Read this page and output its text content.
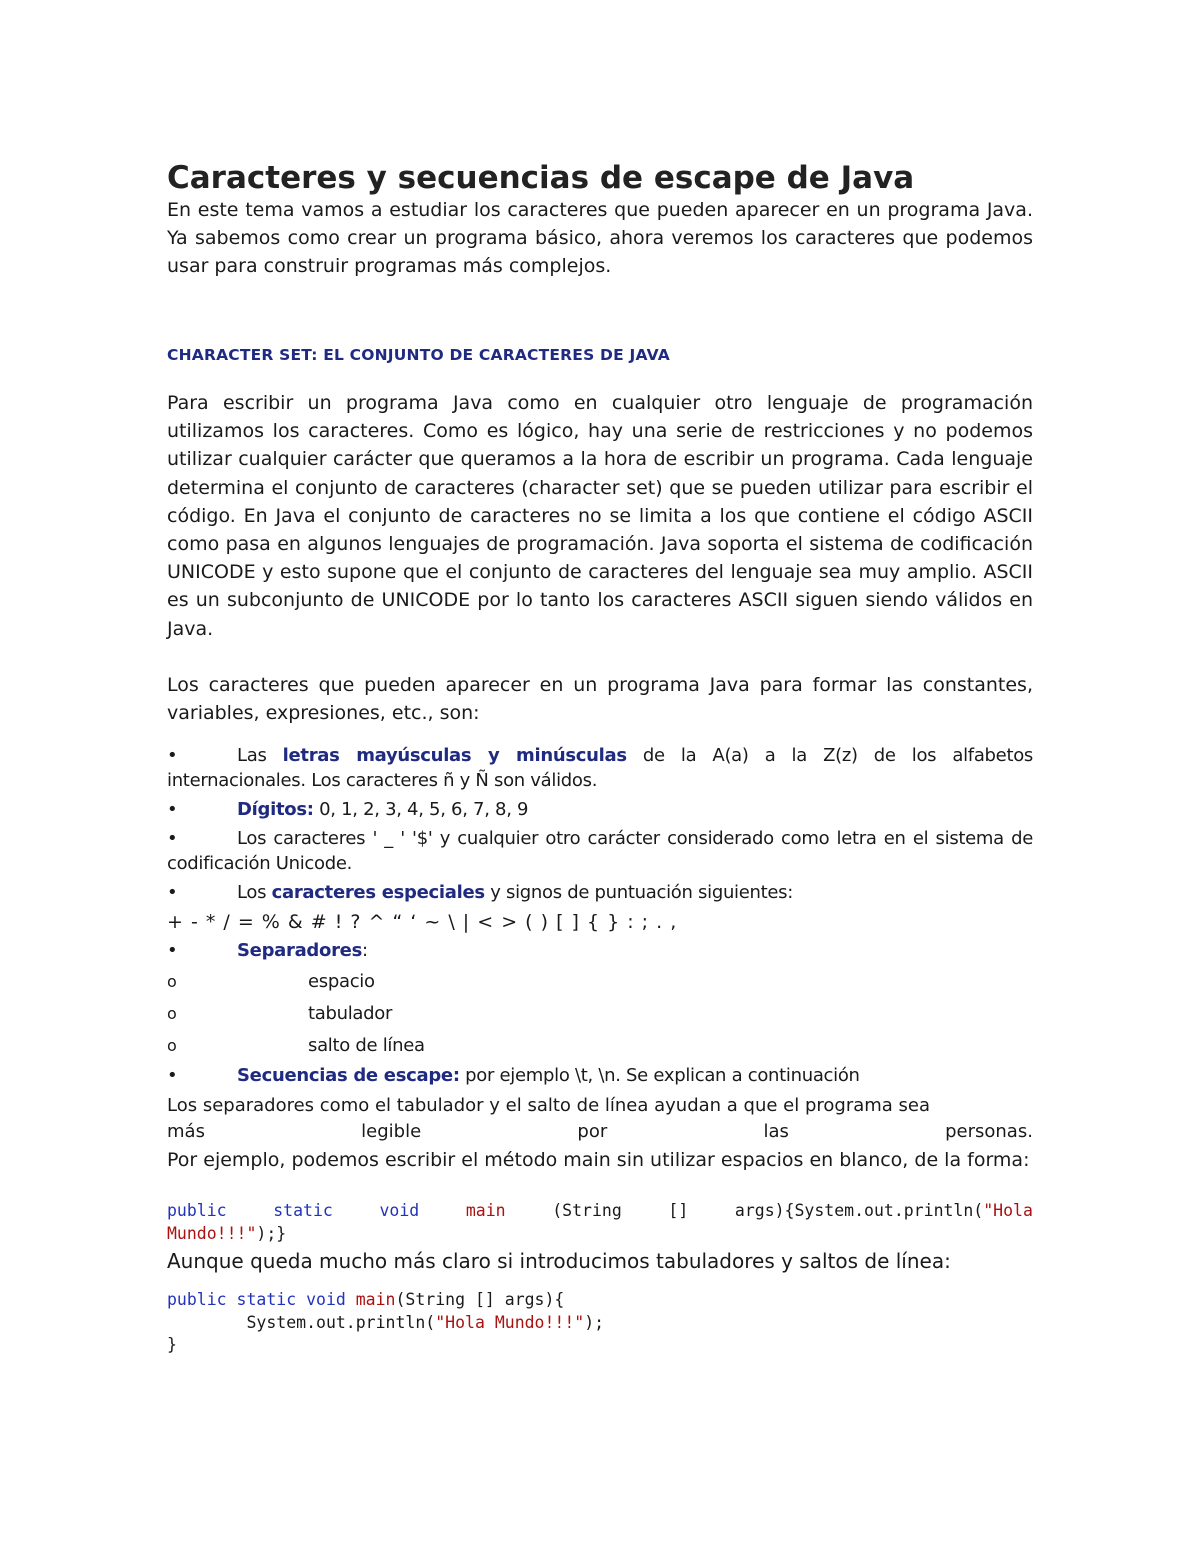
Caracteres y secuencias de escape de Java

En este tema vamos a estudiar los caracteres que pueden aparecer en un programa Java. Ya sabemos como crear un programa básico, ahora veremos los caracteres que podemos usar para construir programas más complejos.

CHARACTER SET: EL CONJUNTO DE CARACTERES DE JAVA

Para escribir un programa Java como en cualquier otro lenguaje de programación utilizamos los caracteres. Como es lógico, hay una serie de restricciones y no podemos utilizar cualquier carácter que queramos a la hora de escribir un programa. Cada lenguaje determina el conjunto de caracteres (character set) que se pueden utilizar para escribir el código. En Java el conjunto de caracteres no se limita a los que contiene el código ASCII como pasa en algunos lenguajes de programación. Java soporta el sistema de codificación UNICODE y esto supone que el conjunto de caracteres del lenguaje sea muy amplio. ASCII es un subconjunto de UNICODE por lo tanto los caracteres ASCII siguen siendo válidos en Java.

Los caracteres que pueden aparecer en un programa Java para formar las constantes, variables, expresiones, etc., son:

•	Las letras mayúsculas y minúsculas de la A(a) a la Z(z) de los alfabetos internacionales. Los caracteres ñ y Ñ son válidos.

•	Dígitos: 0, 1, 2, 3, 4, 5, 6, 7, 8, 9

•	Los caracteres ' _ ' '$' y cualquier otro carácter considerado como letra en el sistema de codificación Unicode.

•	Los caracteres especiales y signos de puntuación siguientes:

+ - * / = % & # ! ? ^ “ ‘ ~ \ | < > ( ) [ ] { } : ; . ,

•	Separadores:

o	espacio

o	tabulador

o	salto de línea

•	Secuencias de escape: por ejemplo \t, \n. Se explican a continuación

Los separadores como el tabulador y el salto de línea ayudan a que el programa sea

más	legible	por	las	personas.

Por ejemplo, podemos escribir el método main sin utilizar espacios en blanco, de la forma:

public	static	void	main	(String	[]	args){System.out.println("Hola
Mundo!!!");}

Aunque queda mucho más claro si introducimos tabuladores y saltos de línea:

public static void main(String [] args){
System.out.println("Hola Mundo!!!");
}
